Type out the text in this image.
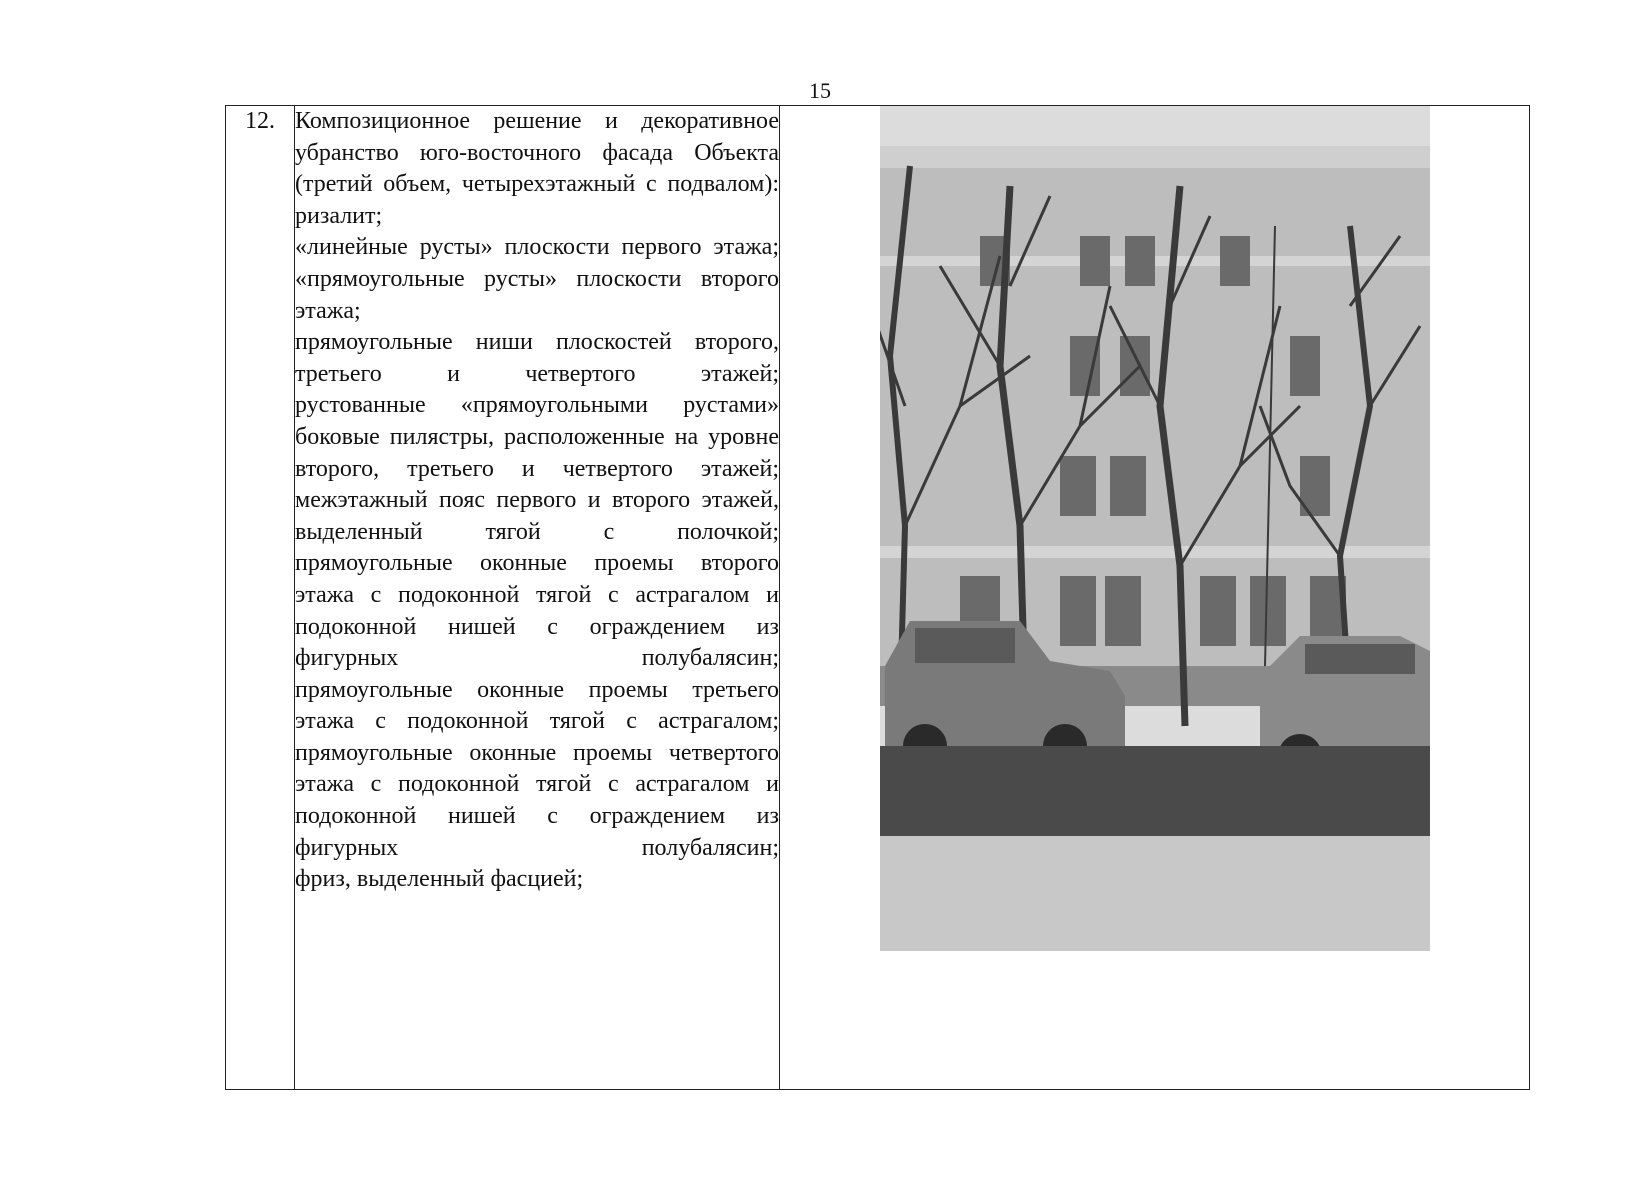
15
12.	Композиционное решение и декоративное убранство юго-восточного фасада Объекта (третий объем, четырехэтажный с подвалом):
ризалит;
«линейные русты» плоскости первого этажа;
«прямоугольные русты» плоскости второго этажа;
прямоугольные ниши плоскостей второго, третьего и четвертого этажей;
рустованные «прямоугольными рустами» боковые пилястры, расположенные на уровне второго, третьего и четвертого этажей;
межэтажный пояс первого и второго этажей, выделенный тягой с полочкой;
прямоугольные оконные проемы второго этажа с подоконной тягой с астрагалом и подоконной нишей с ограждением из фигурных полубалясин;
прямоугольные оконные проемы третьего этажа с подоконной тягой с астрагалом;
прямоугольные оконные проемы четвертого этажа с подоконной тягой с астрагалом и подоконной нишей с ограждением из фигурных полубалясин;
фриз, выделенный фасцией;
